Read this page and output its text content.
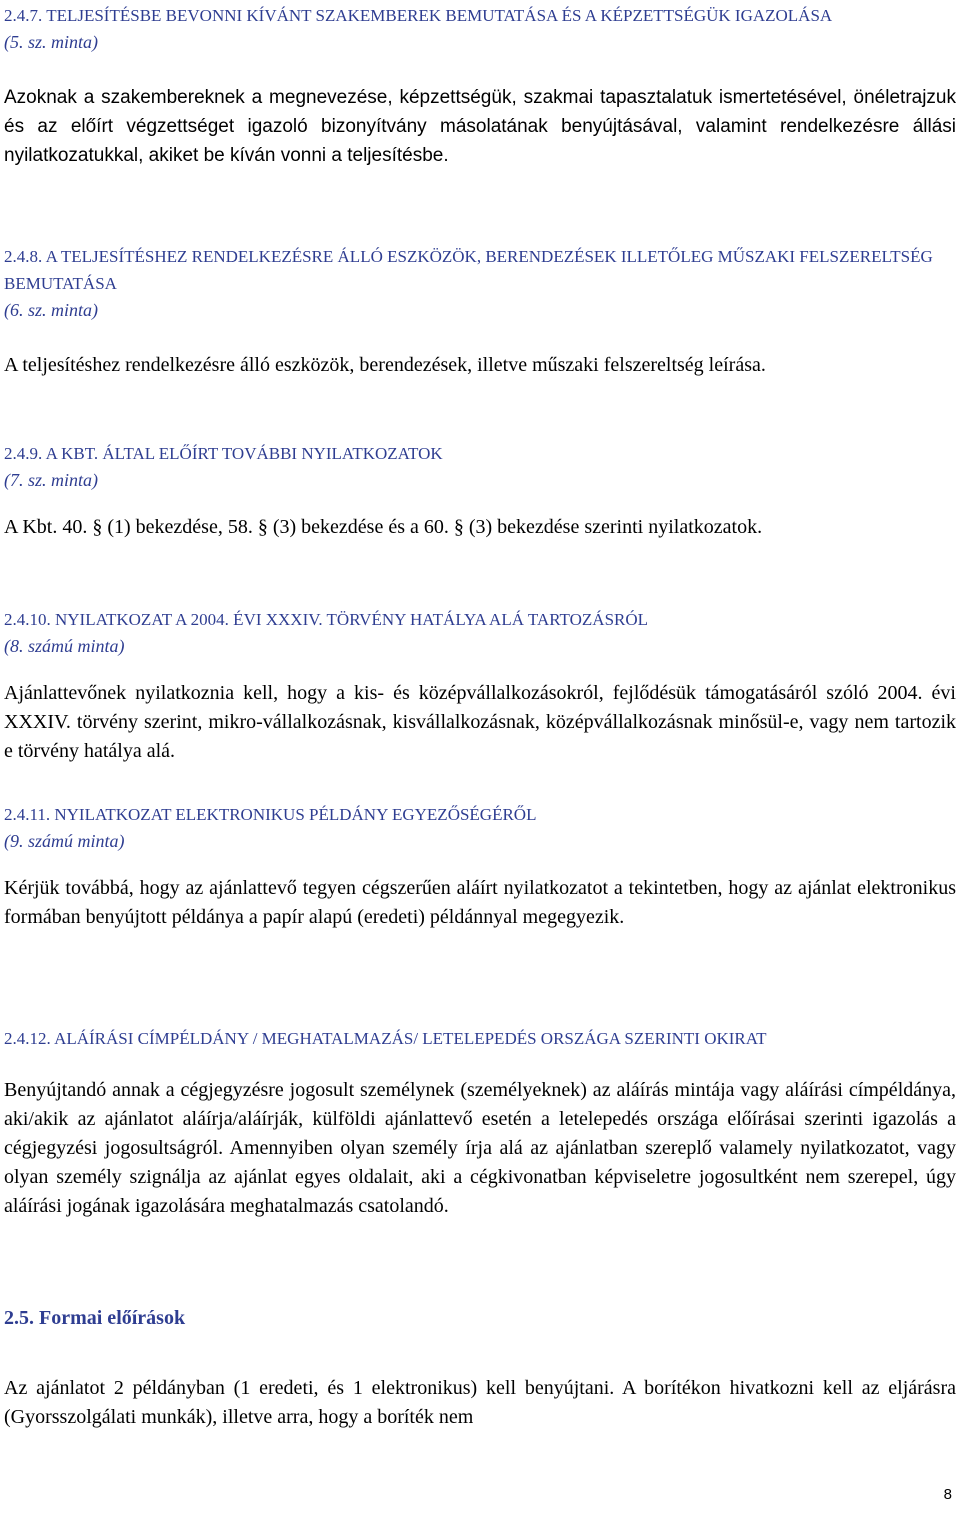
2.4.7. TELJESÍTÉSBE BEVONNI KÍVÁNT SZAKEMBEREK BEMUTATÁSA ÉS A KÉPZETTSÉGÜK IGAZOLÁSA

(5. sz. minta)

Azoknak a szakembereknek a megnevezése, képzettségük, szakmai tapasztalatuk ismertetésével, önéletrajzuk és az előírt végzettséget igazoló bizonyítvány másolatának benyújtásával, valamint rendelkezésre állási nyilatkozatukkal, akiket be kíván vonni a teljesítésbe.

2.4.8. A TELJESÍTÉSHEZ RENDELKEZÉSRE ÁLLÓ ESZKÖZÖK, BERENDEZÉSEK ILLETŐLEG MŰSZAKI FELSZERELTSÉG BEMUTATÁSA

(6. sz. minta)

A teljesítéshez rendelkezésre álló eszközök, berendezések, illetve műszaki felszereltség leírása.

2.4.9. A KBT. ÁLTAL ELŐÍRT TOVÁBBI NYILATKOZATOK

(7. sz. minta)

A Kbt. 40. § (1) bekezdése, 58. § (3) bekezdése és a 60. § (3) bekezdése szerinti nyilatkozatok.

2.4.10. NYILATKOZAT A 2004. ÉVI XXXIV. TÖRVÉNY HATÁLYA ALÁ TARTOZÁSRÓL

(8. számú minta)

Ajánlattevőnek nyilatkoznia kell, hogy a kis- és középvállalkozásokról, fejlődésük támogatásáról szóló 2004. évi XXXIV. törvény szerint, mikro-vállalkozásnak, kisvállalkozásnak, középvállalkozásnak minősül-e, vagy nem tartozik e törvény hatálya alá.

2.4.11. NYILATKOZAT ELEKTRONIKUS PÉLDÁNY EGYEZŐSÉGÉRŐL

(9. számú minta)

Kérjük továbbá, hogy az ajánlattevő tegyen cégszerűen aláírt nyilatkozatot a tekintetben, hogy az ajánlat elektronikus formában benyújtott példánya a papír alapú (eredeti) példánnyal megegyezik.

2.4.12. ALÁÍRÁSI CÍMPÉLDÁNY / MEGHATALMAZÁS/ LETELEPEDÉS ORSZÁGA SZERINTI OKIRAT

Benyújtandó annak a cégjegyzésre jogosult személynek (személyeknek) az aláírás mintája vagy aláírási címpéldánya, aki/akik az ajánlatot aláírja/aláírják, külföldi ajánlattevő esetén a letelepedés országa előírásai szerinti igazolás a cégjegyzési jogosultságról. Amennyiben olyan személy írja alá az ajánlatban szereplő valamely nyilatkozatot, vagy olyan személy szignálja az ajánlat egyes oldalait, aki a cégkivonatban képviseletre jogosultként nem szerepel, úgy aláírási jogának igazolására meghatalmazás csatolandó.

2.5. Formai előírások

Az ajánlatot 2 példányban (1 eredeti, és 1 elektronikus) kell benyújtani. A borítékon hivatkozni kell az eljárásra (Gyorsszolgálati munkák), illetve arra, hogy a boríték nem

8
